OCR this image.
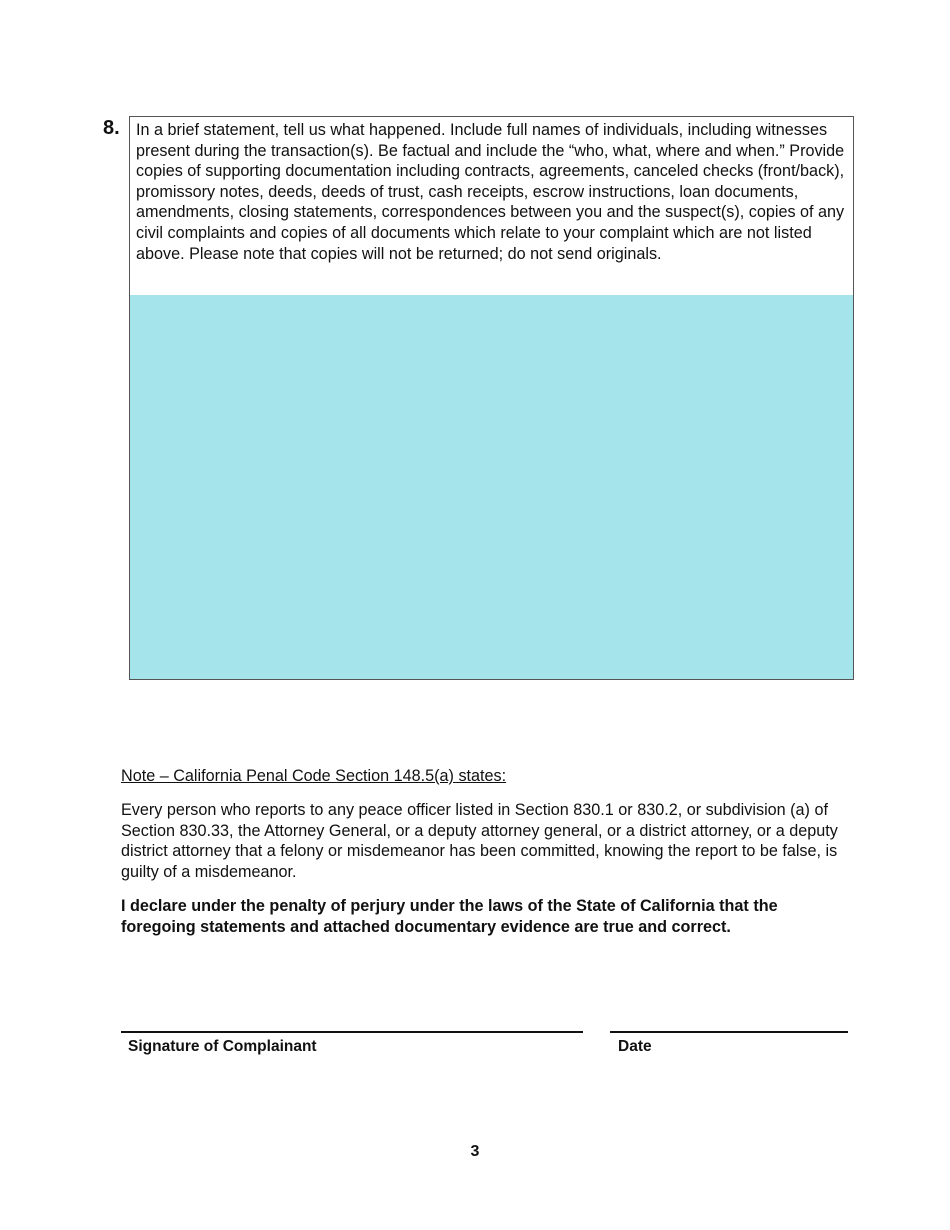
8. In a brief statement, tell us what happened. Include full names of individuals, including witnesses present during the transaction(s). Be factual and include the “who, what, where and when.” Provide copies of supporting documentation including contracts, agreements, canceled checks (front/back), promissory notes, deeds, deeds of trust, cash receipts, escrow instructions, loan documents, amendments, closing statements, correspondences between you and the suspect(s), copies of any civil complaints and copies of all documents which relate to your complaint which are not listed above. Please note that copies will not be returned; do not send originals.

Note – California Penal Code Section 148.5(a) states:

Every person who reports to any peace officer listed in Section 830.1 or 830.2, or subdivision (a) of Section 830.33, the Attorney General, or a deputy attorney general, or a district attorney, or a deputy district attorney that a felony or misdemeanor has been committed, knowing the report to be false, is guilty of a misdemeanor.

I declare under the penalty of perjury under the laws of the State of California that the foregoing statements and attached documentary evidence are true and correct.

Signature of Complainant	Date
3
